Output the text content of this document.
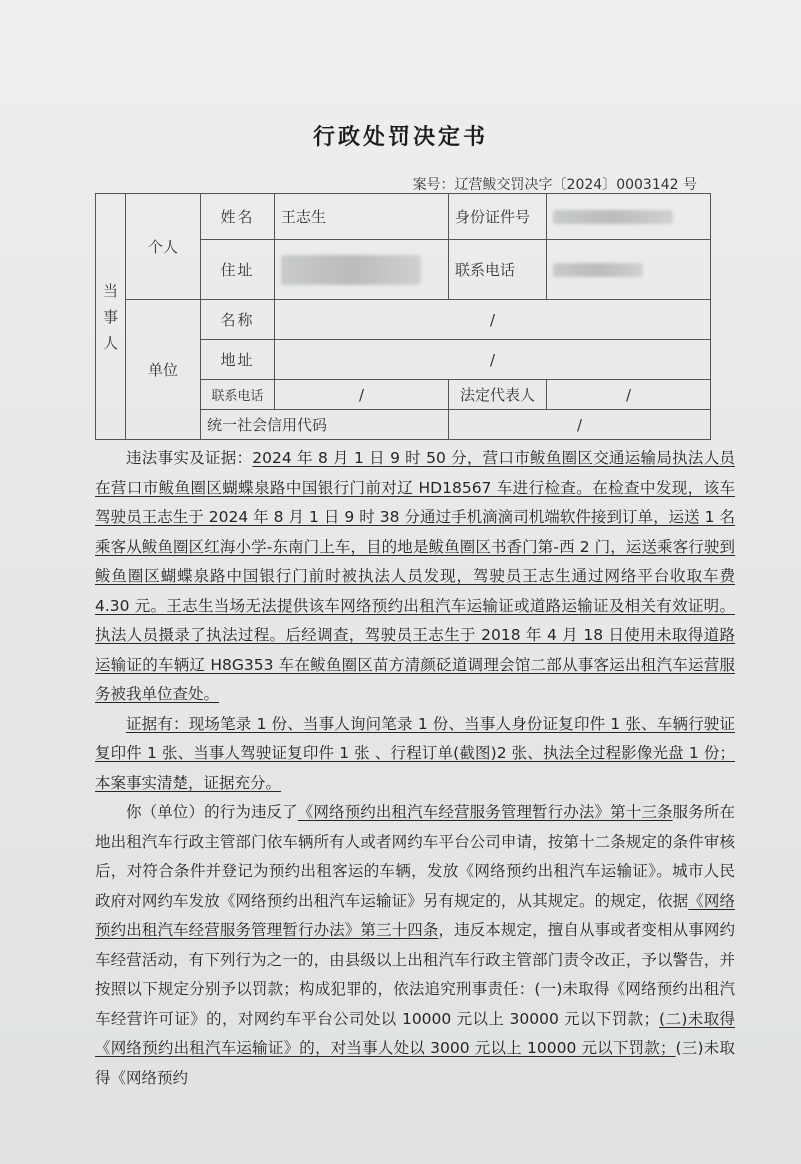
行政处罚决定书
案号：辽营鲅交罚决字〔2024〕0003142 号
当事人	个人	姓名	王志生	身份证件号	
		住址		联系电话	
	单位	名称	/		
		地址	/		
		联系电话	/	法定代表人	/
		统一社会信用代码		/	

违法事实及证据：2024 年 8 月 1 日 9 时 50 分，营口市鲅鱼圈区交通运输局执法人员在营口市鲅鱼圈区蝴蝶泉路中国银行门前对辽 HD18567 车进行检查。在检查中发现，该车驾驶员王志生于 2024 年 8 月 1 日 9 时 38 分通过手机滴滴司机端软件接到订单，运送 1 名乘客从鲅鱼圈区红海小学-东南门上车，目的地是鲅鱼圈区书香门第-西 2 门，运送乘客行驶到鲅鱼圈区蝴蝶泉路中国银行门前时被执法人员发现，驾驶员王志生通过网络平台收取车费 4.30 元。王志生当场无法提供该车网络预约出租汽车运输证或道路运输证及相关有效证明。执法人员摄录了执法过程。后经调查，驾驶员王志生于 2018 年 4 月 18 日使用未取得道路运输证的车辆辽 H8G353 车在鲅鱼圈区苗方清颜砭道调理会馆二部从事客运出租汽车运营服务被我单位查处。

证据有：现场笔录 1 份、当事人询问笔录 1 份、当事人身份证复印件 1 张、车辆行驶证复印件 1 张、当事人驾驶证复印件 1 张 、行程订单(截图)2 张、执法全过程影像光盘 1 份；本案事实清楚，证据充分。

你（单位）的行为违反了《网络预约出租汽车经营服务管理暂行办法》第十三条服务所在地出租汽车行政主管部门依车辆所有人或者网约车平台公司申请，按第十二条规定的条件审核后，对符合条件并登记为预约出租客运的车辆，发放《网络预约出租汽车运输证》。城市人民政府对网约车发放《网络预约出租汽车运输证》另有规定的，从其规定。的规定，依据《网络预约出租汽车经营服务管理暂行办法》第三十四条，违反本规定，擅自从事或者变相从事网约车经营活动，有下列行为之一的，由县级以上出租汽车行政主管部门责令改正，予以警告，并按照以下规定分别予以罚款；构成犯罪的，依法追究刑事责任：(一)未取得《网络预约出租汽车经营许可证》的，对网约车平台公司处以 10000 元以上 30000 元以下罚款；(二)未取得《网络预约出租汽车运输证》的，对当事人处以 3000 元以上 10000 元以下罚款；(三)未取得《网络预约
